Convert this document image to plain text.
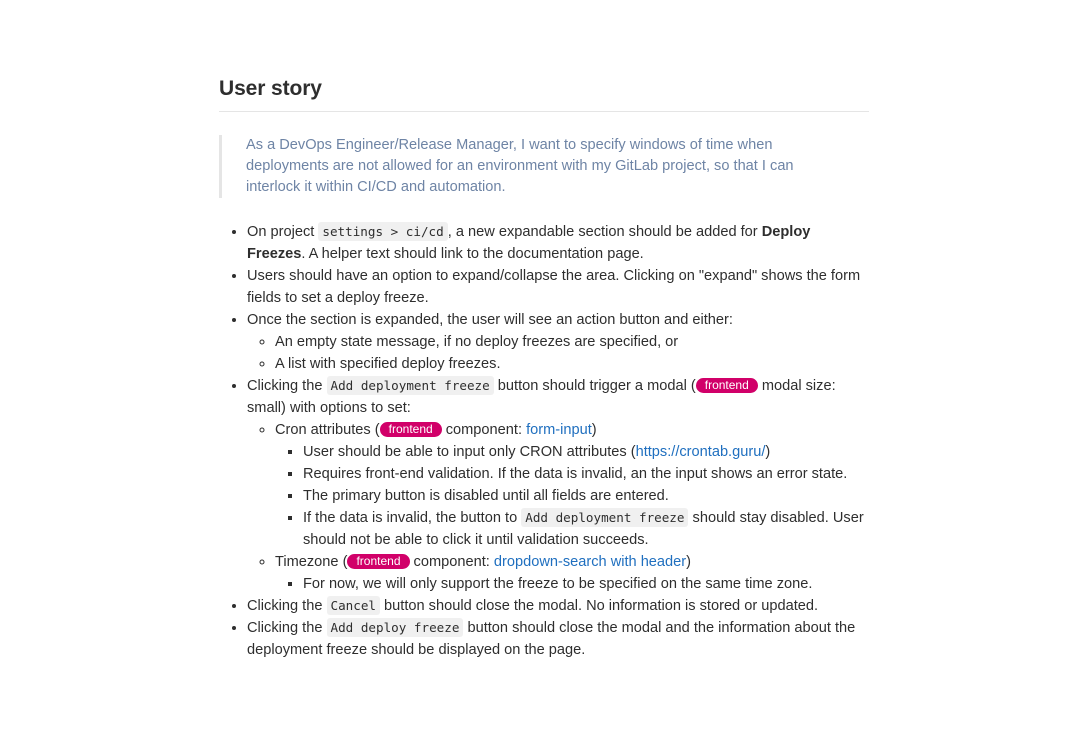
User story
As a DevOps Engineer/Release Manager, I want to specify windows of time when deployments are not allowed for an environment with my GitLab project, so that I can interlock it within CI/CD and automation.
• On project settings > ci/cd , a new expandable section should be added for Deploy Freezes. A helper text should link to the documentation page.
• Users should have an option to expand/collapse the area. Clicking on "expand" shows the form fields to set a deploy freeze.
• Once the section is expanded, the user will see an action button and either:
◦ An empty state message, if no deploy freezes are specified, or
◦ A list with specified deploy freezes.
• Clicking the Add deployment freeze button should trigger a modal ( frontend modal size: small) with options to set:
◦ Cron attributes ( frontend component: form-input)
▪ User should be able to input only CRON attributes (https://crontab.guru/)
▪ Requires front-end validation. If the data is invalid, an the input shows an error state.
▪ The primary button is disabled until all fields are entered.
▪ If the data is invalid, the button to Add deployment freeze should stay disabled. User should not be able to click it until validation succeeds.
◦ Timezone ( frontend component: dropdown-search with header)
▪ For now, we will only support the freeze to be specified on the same time zone.
• Clicking the Cancel button should close the modal. No information is stored or updated.
• Clicking the Add deploy freeze button should close the modal and the information about the deployment freeze should be displayed on the page.
